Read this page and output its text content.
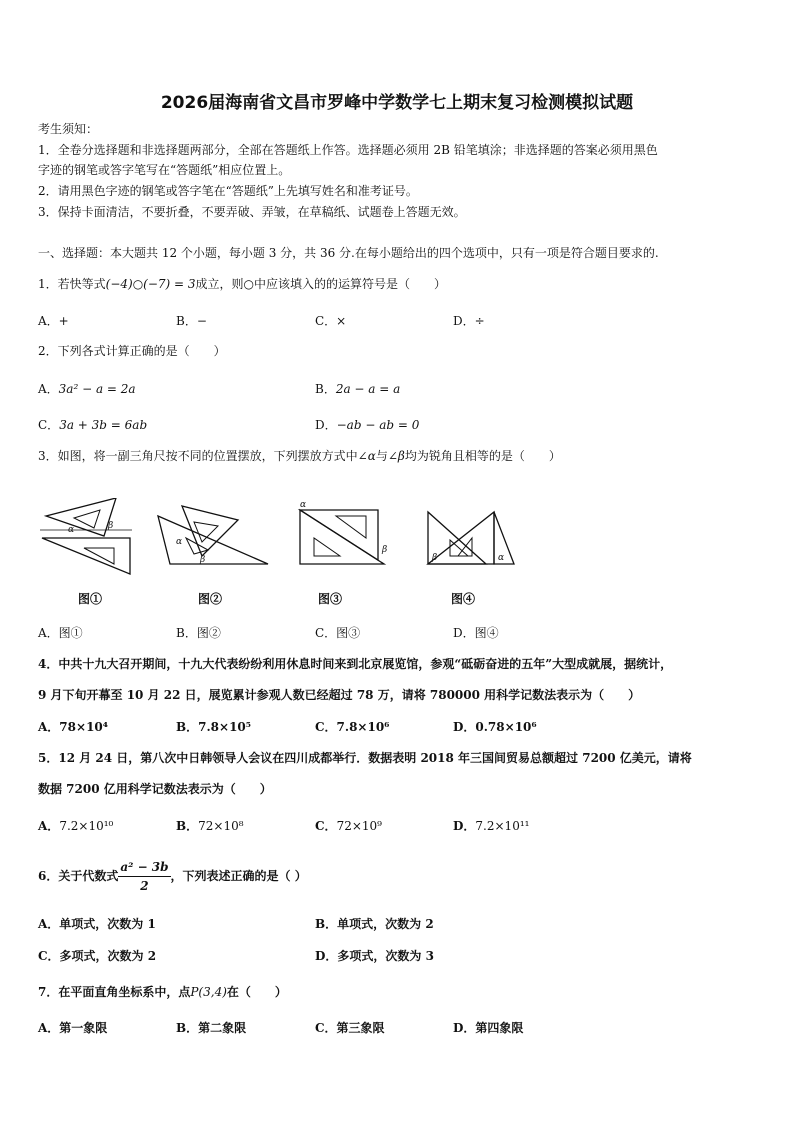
2026届海南省文昌市罗峰中学数学七上期末复习检测模拟试题
考生须知：
1．全卷分选择题和非选择题两部分，全部在答题纸上作答。选择题必须用 2B 铅笔填涂；非选择题的答案必须用黑色
字迹的钢笔或答字笔写在“答题纸”相应位置上。
2．请用黑色字迹的钢笔或答字笔在“答题纸”上先填写姓名和准考证号。
3．保持卡面清洁，不要折叠，不要弄破、弄皱，在草稿纸、试题卷上答题无效。
一、选择题：本大题共 12 个小题，每小题 3 分，共 36 分.在每小题给出的四个选项中，只有一项是符合题目要求的.
1．若快等式(−4)○(−7) = 3成立，则○中应该填入的的运算符号是（　　）
A．+	B．−	C．×	D．÷
2．下列各式计算正确的是（　　）
A．3a² − a = 2a	B．2a − a = a
C．3a + 3b = 6ab	D．−ab − ab = 0
3．如图，将一副三角尺按不同的位置摆放，下列摆放方式中∠α与∠β均为锐角且相等的是（　　）
α	β
α
β
α
β
β	α
图①	图②	图③	图④
A．图①	B．图②	C．图③	D．图④
4．中共十九大召开期间，十九大代表纷纷利用休息时间来到北京展览馆，参观“砥砺奋进的五年”大型成就展，据统计，
9 月下旬开幕至 10 月 22 日，展览累计参观人数已经超过 78 万，请将 780000 用科学记数法表示为（　　）
A．78×10⁴	B．7.8×10⁵	C．7.8×10⁶	D．0.78×10⁶
5．12 月 24 日，第八次中日韩领导人会议在四川成都举行．数据表明 2018 年三国间贸易总额超过 7200 亿美元，请将
数据 7200 亿用科学记数法表示为（　　）
A．7.2×10¹⁰	B．72×10⁸	C．72×10⁹	D．7.2×10¹¹
6．关于代数式 $\frac{\text{a² − 3b}}{2}$ ，下列表述正确的是（ ）
A．单项式，次数为 1	B．单项式，次数为 2
C．多项式，次数为 2	D．多项式，次数为 3
7．在平面直角坐标系中，点P(3,4)在（　　）
A．第一象限	B．第二象限	C．第三象限	D．第四象限
